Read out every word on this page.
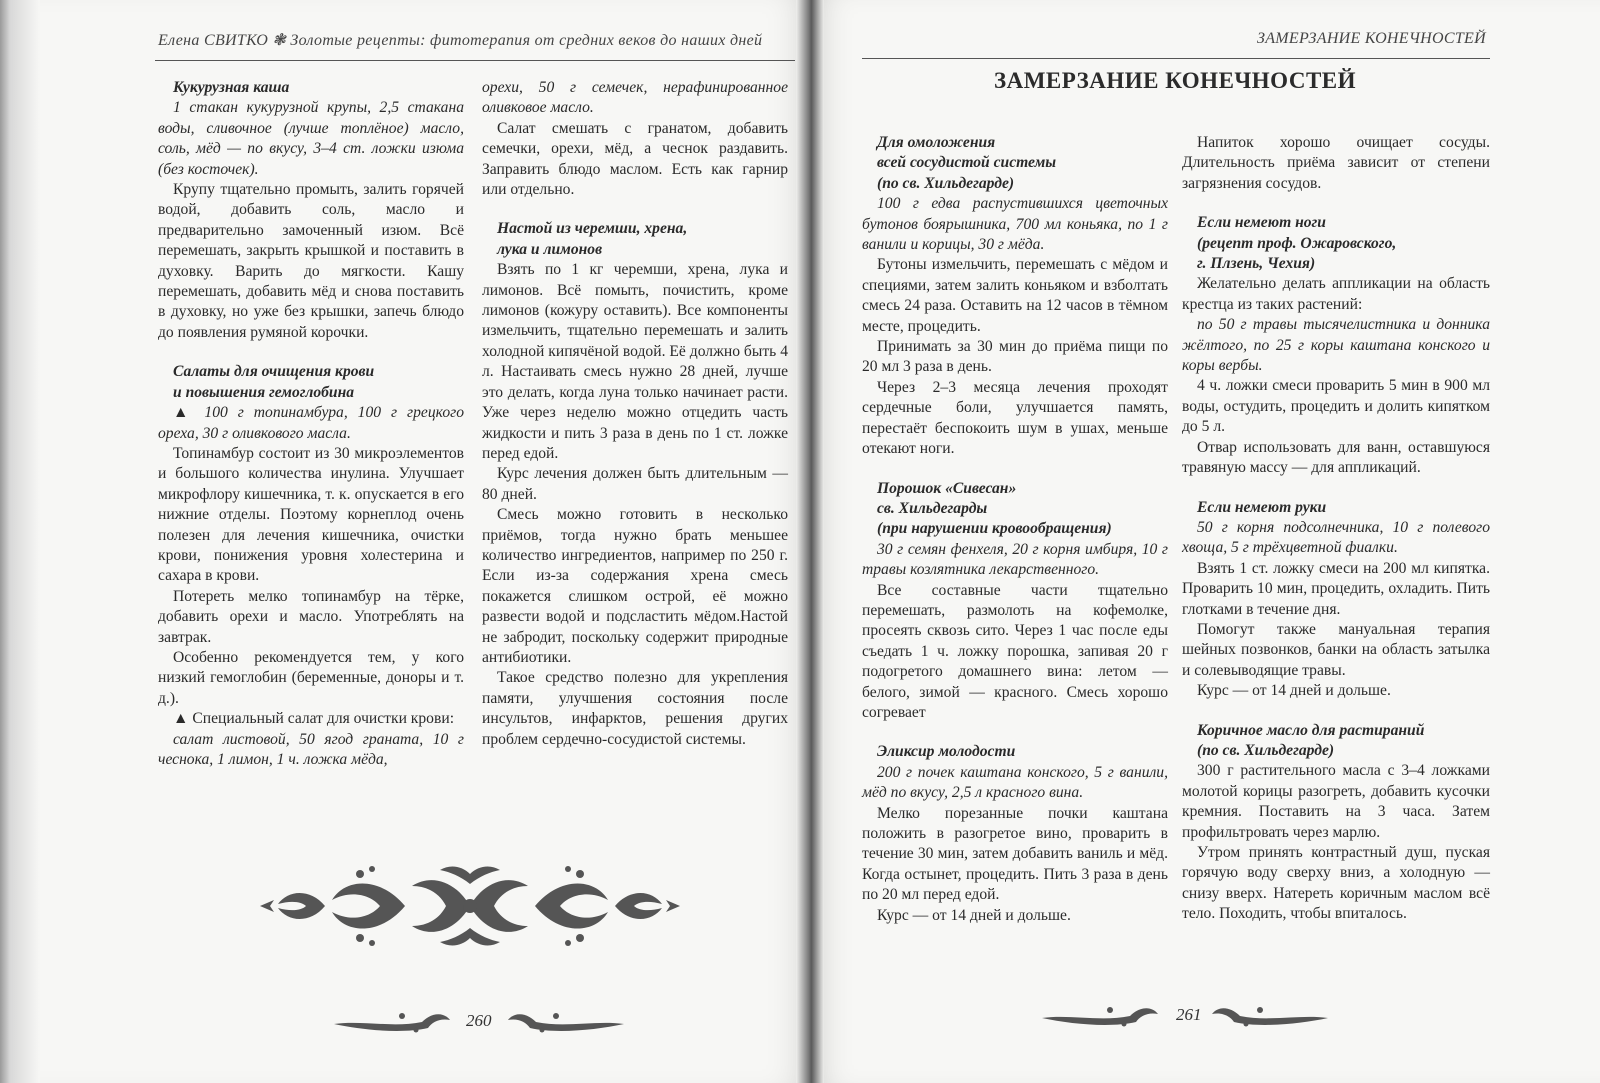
Елена СВИТКО ❃ Золотые рецепты: фитотерапия от средних веков до наших дней

Кукурузная каша

1 стакан кукурузной крупы, 2,5 стакана воды, сливочное (лучше топлёное) масло, соль, мёд — по вкусу, 3–4 ст. ложки изюма (без косточек).

Крупу тщательно промыть, залить горячей водой, добавить соль, масло и предварительно замоченный изюм. Всё перемешать, закрыть крышкой и поставить в духовку. Варить до мягкости. Кашу перемешать, добавить мёд и снова поставить в духовку, но уже без крышки, запечь блюдо до появления румяной корочки.

Салаты для очищения крови

и повышения гемоглобина

▲ 100 г топинамбура, 100 г грецкого ореха, 30 г оливкового масла.

Топинамбур состоит из 30 микроэлементов и большого количества инулина. Улучшает микрофлору кишечника, т. к. опускается в его нижние отделы. Поэтому корнеплод очень полезен для лечения кишечника, очистки крови, понижения уровня холестерина и сахара в крови.

Потереть мелко топинамбур на тёрке, добавить орехи и масло. Употреблять на завтрак.

Особенно рекомендуется тем, у кого низкий гемоглобин (беременные, доноры и т. д.).

▲ Специальный салат для очистки крови:

салат листовой, 50 ягод граната, 10 г чеснока, 1 лимон, 1 ч. ложка мёда,

орехи, 50 г семечек, нерафинированное оливковое масло.

Салат смешать с гранатом, добавить семечки, орехи, мёд, а чеснок раздавить. Заправить блюдо маслом. Есть как гарнир или отдельно.

Настой из черемши, хрена,

лука и лимонов

Взять по 1 кг черемши, хрена, лука и лимонов. Всё помыть, почистить, кроме лимонов (кожуру оставить). Все компоненты измельчить, тщательно перемешать и залить холодной кипячёной водой. Её должно быть 4 л. Настаивать смесь нужно 28 дней, лучше это делать, когда луна только начинает расти. Уже через неделю можно отцедить часть жидкости и пить 3 раза в день по 1 ст. ложке перед едой.

Курс лечения должен быть длительным — 80 дней.

Смесь можно готовить в несколько приёмов, тогда нужно брать меньшее количество ингредиентов, например по 250 г. Если из-за содержания хрена смесь покажется слишком острой, её можно развести водой и подсластить мёдом.Настой не забродит, поскольку содержит природные антибиотики.

Такое средство полезно для укрепления памяти, улучшения состояния после инсультов, инфарктов, решения других проблем сердечно-сосудистой системы.

260
ЗАМЕРЗАНИЕ КОНЕЧНОСТЕЙ
ЗАМЕРЗАНИЕ КОНЕЧНОСТЕЙ

Для омоложения

всей сосудистой системы

(по св. Хильдегарде)

100 г едва распустившихся цветочных бутонов боярышника, 700 мл коньяка, по 1 г ванили и корицы, 30 г мёда.

Бутоны измельчить, перемешать с мёдом и специями, затем залить коньяком и взболтать смесь 24 раза. Оставить на 12 часов в тёмном месте, процедить.

Принимать за 30 мин до приёма пищи по 20 мл 3 раза в день.

Через 2–3 месяца лечения проходят сердечные боли, улучшается память, перестаёт беспокоить шум в ушах, меньше отекают ноги.

Порошок «Сивесан»

св. Хильдегарды

(при нарушении кровообращения)

30 г семян фенхеля, 20 г корня имбиря, 10 г травы козлятника лекарственного.

Все составные части тщательно перемешать, размолоть на кофемолке, просеять сквозь сито. Через 1 час после еды съедать 1 ч. ложку порошка, запивая 20 г подогретого домашнего вина: летом — белого, зимой — красного. Смесь хорошо согревает

Эликсир молодости

200 г почек каштана конского, 5 г ванили, мёд по вкусу, 2,5 л красного вина.

Мелко порезанные почки каштана положить в разогретое вино, проварить в течение 30 мин, затем добавить ваниль и мёд. Когда остынет, процедить. Пить 3 раза в день по 20 мл перед едой.

Курс — от 14 дней и дольше.

Напиток хорошо очищает сосуды. Длительность приёма зависит от степени загрязнения сосудов.

Если немеют ноги

(рецепт проф. Ожаровского,

г. Плзень, Чехия)

Желательно делать аппликации на область крестца из таких растений:

по 50 г травы тысячелистника и донника жёлтого, по 25 г коры каштана конского и коры вербы.

4 ч. ложки смеси проварить 5 мин в 900 мл воды, остудить, процедить и долить кипятком до 5 л.

Отвар использовать для ванн, оставшуюся травяную массу — для аппликаций.

Если немеют руки

50 г корня подсолнечника, 10 г полевого хвоща, 5 г трёхцветной фиалки.

Взять 1 ст. ложку смеси на 200 мл кипятка. Проварить 10 мин, процедить, охладить. Пить глотками в течение дня.

Помогут также мануальная терапия шейных позвонков, банки на область затылка и солевыводящие травы.

Курс — от 14 дней и дольше.

Коричное масло для растираний

(по св. Хильдегарде)

300 г растительного масла с 3–4 ложками молотой корицы разогреть, добавить кусочки кремния. Поставить на 3 часа. Затем профильтровать через марлю.

Утром принять контрастный душ, пуская горячую воду сверху вниз, а холодную — снизу вверх. Натереть коричным маслом всё тело. Походить, чтобы впиталось.

261
